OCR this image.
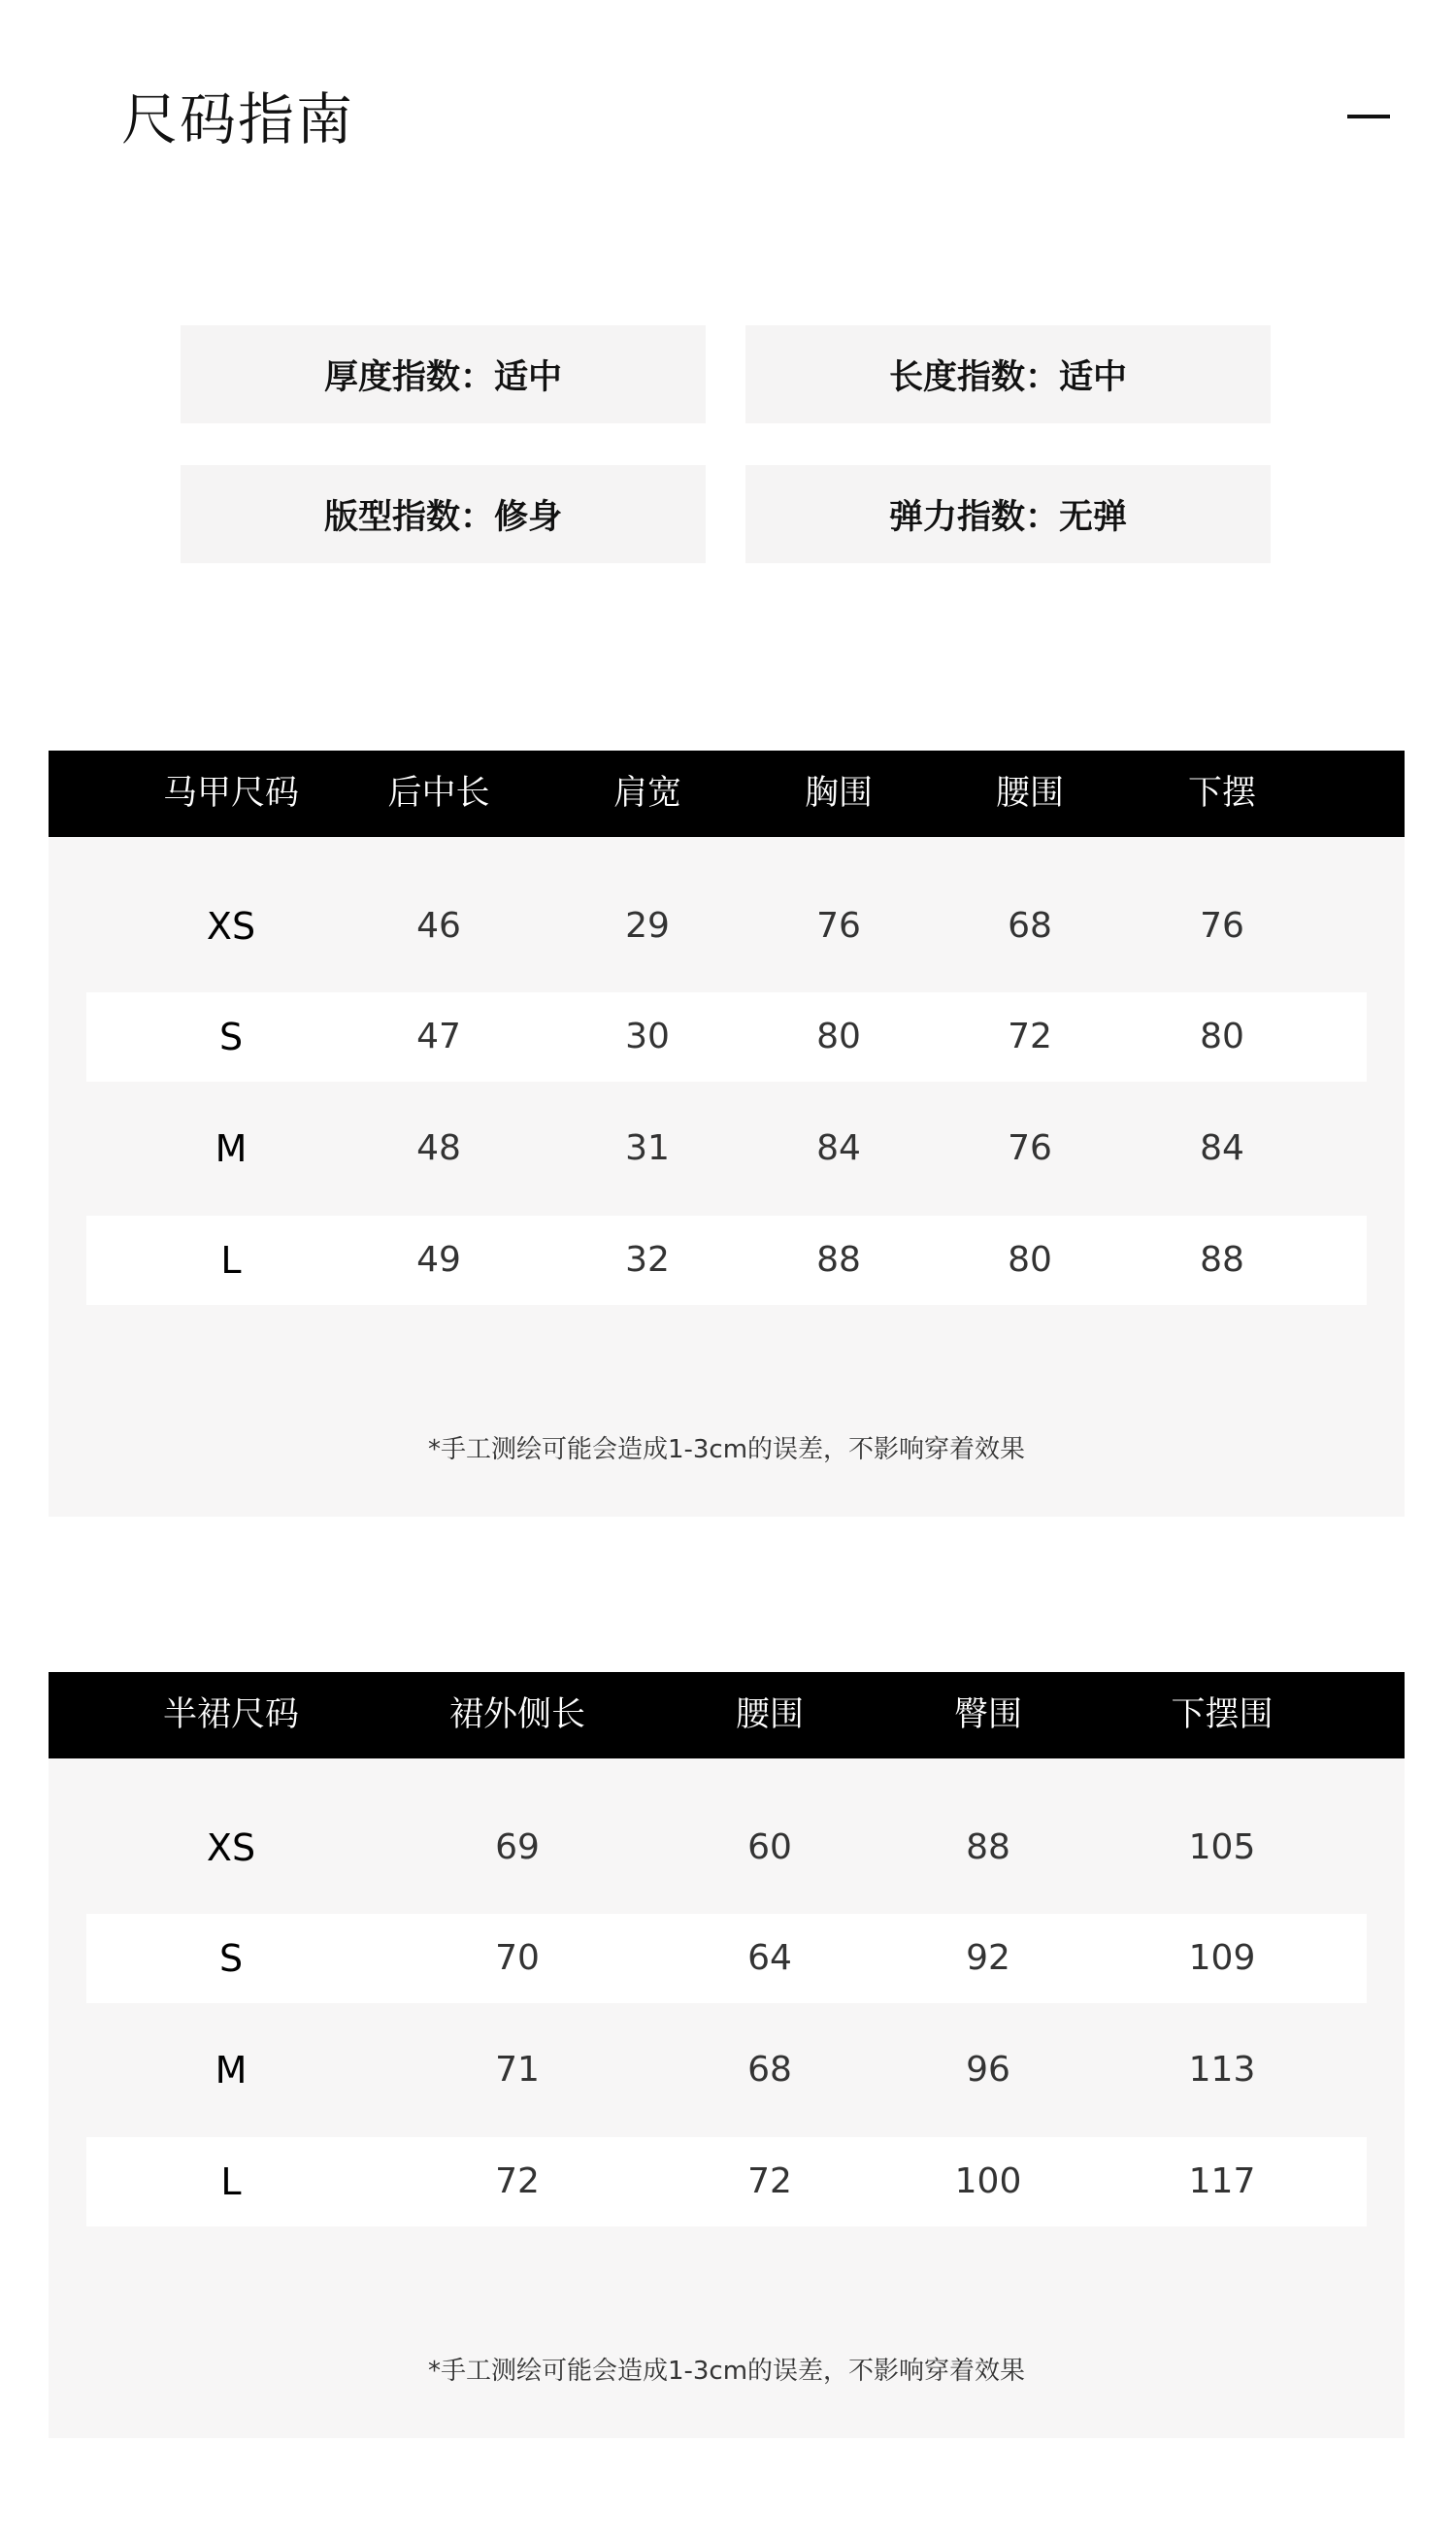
尺码指南
厚度指数：适中	长度指数：适中
版型指数：修身	弹力指数：无弹
马甲尺码	后中长	肩宽	胸围	腰围	下摆
XS	46	29	76	68	76
S	47	30	80	72	80
M	48	31	84	76	84
L	49	32	88	80	88
*手工测绘可能会造成1-3cm的误差，不影响穿着效果
半裙尺码	裙外侧长	腰围	臀围	下摆围
XS	69	60	88	105
S	70	64	92	109
M	71	68	96	113
L	72	72	100	117
*手工测绘可能会造成1-3cm的误差，不影响穿着效果
